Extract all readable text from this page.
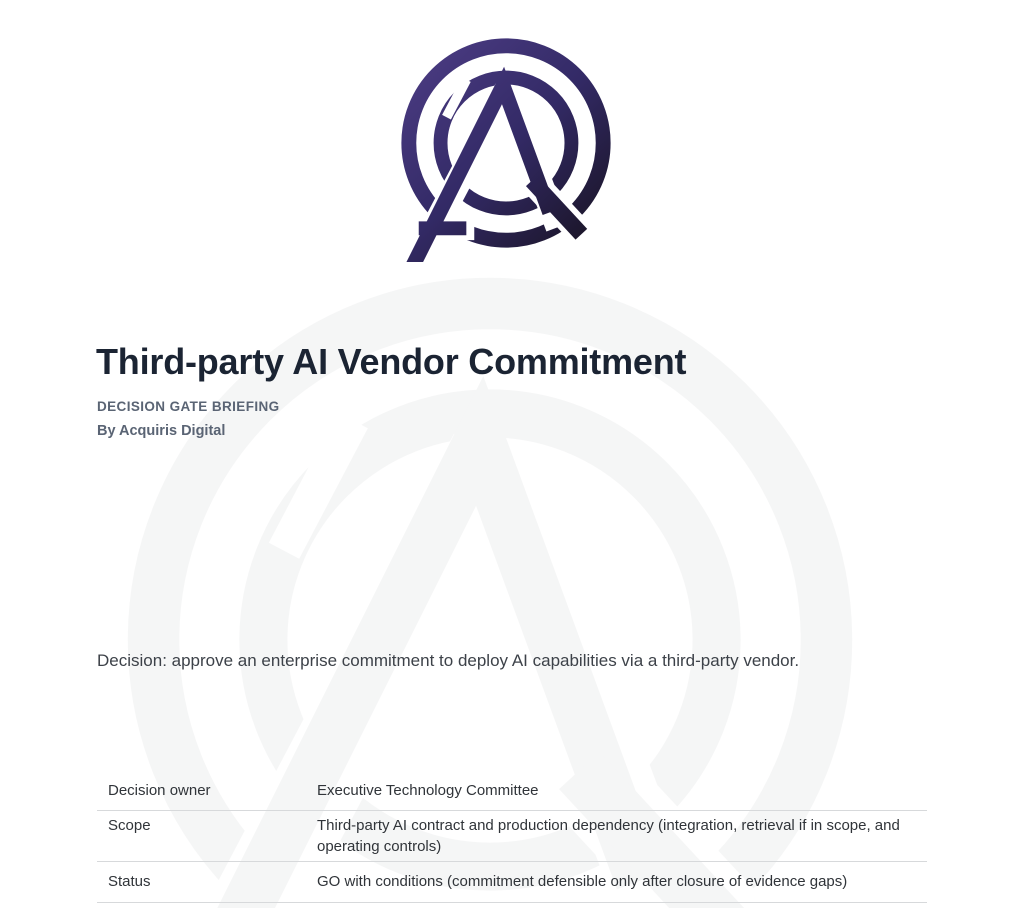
Third-party AI Vendor Commitment
DECISION GATE BRIEFING
By Acquiris Digital

Decision: approve an enterprise commitment to deploy AI capabilities via a third-party vendor.

Decision owner	Executive Technology Committee
Scope	Third-party AI contract and production dependency (integration, retrieval if in scope, and operating controls)
Status	GO with conditions (commitment defensible only after closure of evidence gaps)
